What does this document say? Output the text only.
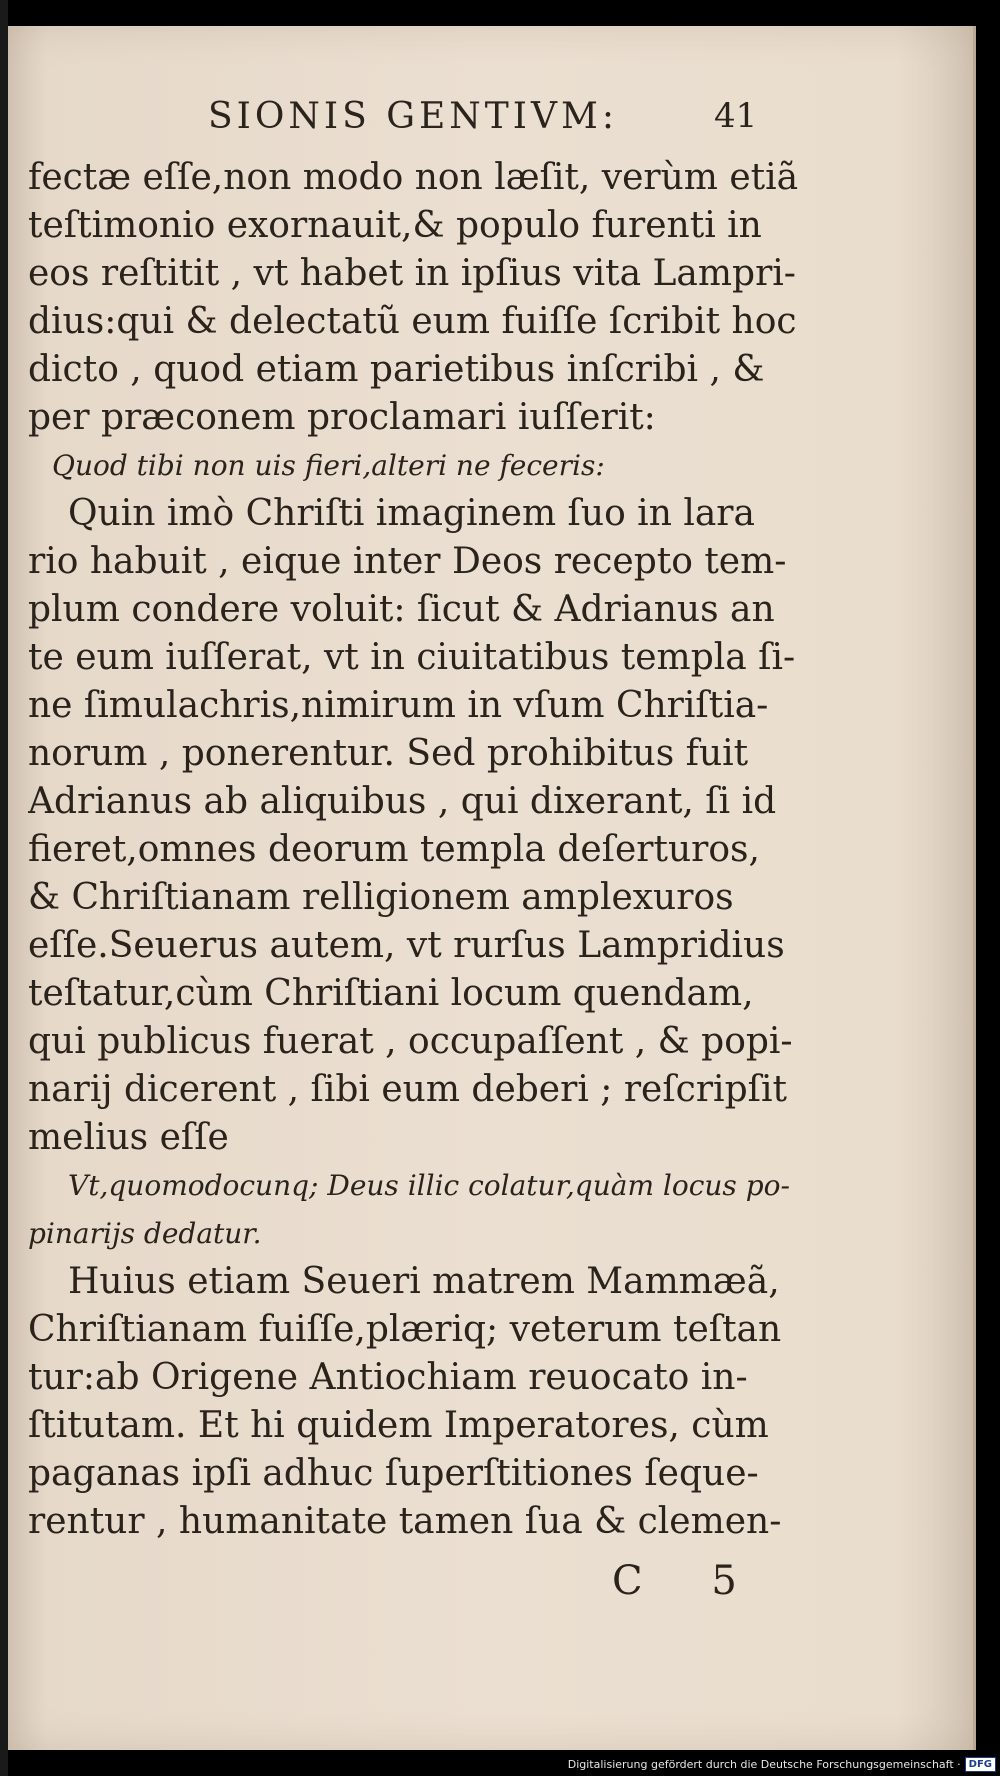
SIONIS GENTIVM:	41
fectæ eſſe,non modo non læſit, verùm etiã
teſtimonio exornauit,& populo furenti in
eos reſtitit , vt habet in ipſius vita Lampri-
dius:qui & delectatũ eum fuiſſe ſcribit hoc
dicto , quod etiam parietibus inſcribi , &
per præconem proclamari iuſſerit:
Quod tibi non uis fieri,alteri ne feceris:
Quin imò Chriſti imaginem ſuo in lara
rio habuit , eique inter Deos recepto tem-
plum condere voluit: ſicut & Adrianus an
te eum iuſſerat, vt in ciuitatibus templa ſi-
ne ſimulachris,nimirum in vſum Chriſtia-
norum , ponerentur. Sed prohibitus fuit
Adrianus ab aliquibus , qui dixerant, ſi id
fieret,omnes deorum templa deſerturos,
& Chriſtianam relligionem amplexuros
eſſe.Seuerus autem, vt rurſus Lampridius
teſtatur,cùm Chriſtiani locum quendam,
qui publicus fuerat , occupaſſent , & popi-
narij dicerent , ſibi eum deberi ; reſcripſit
melius eſſe
Vt,quomodocunq; Deus illic colatur,quàm locus po-
pinarijs dedatur.
Huius etiam Seueri matrem Mammæã,
Chriſtianam fuiſſe,plæriq; veterum teſtan
tur:ab Origene Antiochiam reuocato in-
ſtitutam. Et hi quidem Imperatores, cùm
paganas ipſi adhuc ſuperſtitiones ſeque-
rentur , humanitate tamen ſua & clemen-
C 5
Digitalisierung gefördert durch die Deutsche Forschungsgemeinschaft · DFG
